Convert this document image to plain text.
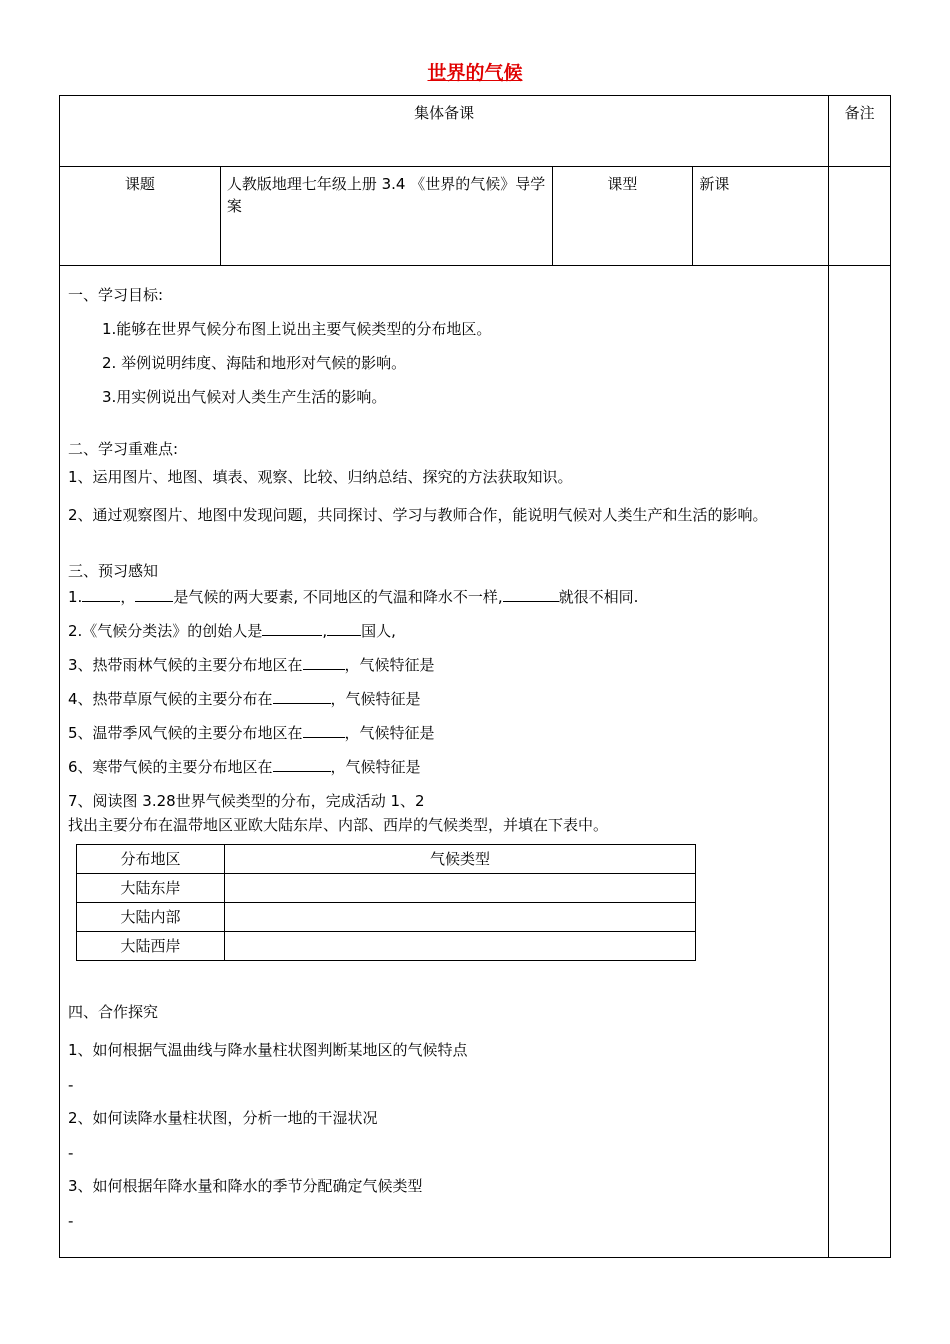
世界的气候
集体备课	备注
课题	人教版地理七年级上册 3.4 《世界的气候》导学案	课型	新课	

一、学习目标:
1.能够在世界气候分布图上说出主要气候类型的分布地区。
2. 举例说明纬度、海陆和地形对气候的影响。
3.用实例说出气候对人类生产生活的影响。
二、学习重难点:
1、运用图片、地图、填表、观察、比较、归纳总结、探究的方法获取知识。
2、通过观察图片、地图中发现问题，共同探讨、学习与教师合作，能说明气候对人类生产和生活的影响。
三、预习感知
1.	，	是气候的两大要素, 不同地区的气温和降水不一样,	就很不相同.
2.《气候分类法》的创始人是	, 国人,
3、热带雨林气候的主要分布地区在	，气候特征是
4、热带草原气候的主要分布在	，气候特征是
5、温带季风气候的主要分布地区在	，气候特征是
6、寒带气候的主要分布地区在	，气候特征是
7、阅读图 3.28世界气候类型的分布，完成活动 1、2
找出主要分布在温带地区亚欧大陆东岸、内部、西岸的气候类型，并填在下表中。
分布地区	气候类型
大陆东岸	
大陆内部	
大陆西岸	
四、合作探究
1、如何根据气温曲线与降水量柱状图判断某地区的气候特点
-
2、如何读降水量柱状图，分析一地的干湿状况
-
3、如何根据年降水量和降水的季节分配确定气候类型
-
